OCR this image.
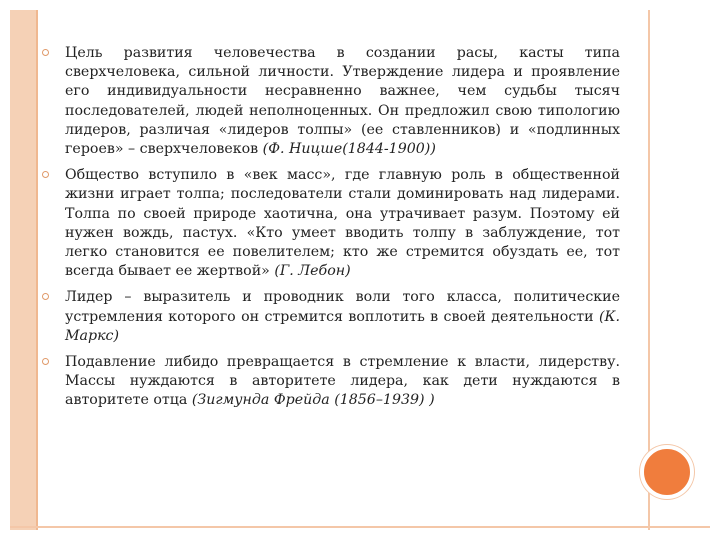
Цель развития человечества в создании расы, касты типа сверхчеловека, сильной личности. Утверждение лидера и проявление его индивидуальности несравненно важнее, чем судьбы тысяч последователей, людей неполноценных. Он предложил свою типологию лидеров, различая «лидеров толпы» (ее ставленников) и «подлинных героев» – сверхчеловеков (Ф. Ницше(1844-1900))
Общество вступило в «век масс», где главную роль в общественной жизни играет толпа; последователи стали доминировать над лидерами. Толпа по своей природе хаотична, она утрачивает разум. Поэтому ей нужен вождь, пастух. «Кто умеет вводить толпу в заблуждение, тот легко становится ее повелителем; кто же стремится обуздать ее, тот всегда бывает ее жертвой» (Г. Лебон)
Лидер – выразитель и проводник воли того класса, политические устремления которого он стремится воплотить в своей деятельности (К. Маркс)
Подавление либидо превращается в стремление к власти, лидерству. Массы нуждаются в авторитете лидера, как дети нуждаются в авторитете отца (Зигмунда Фрейда (1856–1939) )
